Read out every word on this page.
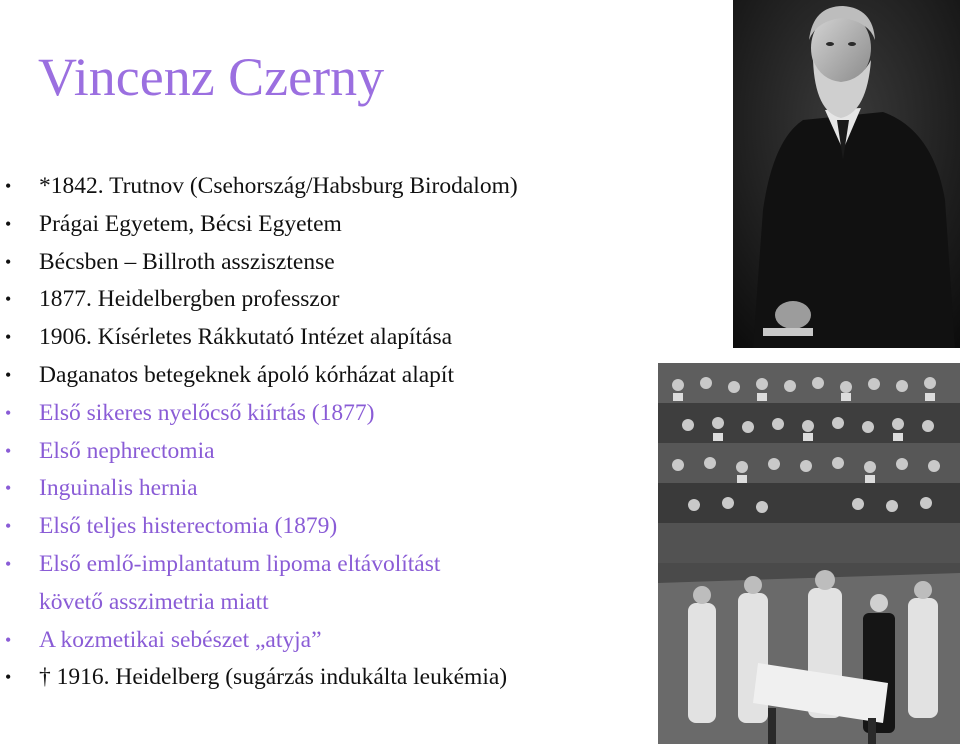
Vincenz Czerny
• *1842. Trutnov (Csehország/Habsburg Birodalom)
• Prágai Egyetem, Bécsi Egyetem
• Bécsben – Billroth asszisztense
• 1877. Heidelbergben professzor
• 1906. Kísérletes Rákkutató Intézet alapítása
• Daganatos betegeknek ápoló kórházat alapít
• Első sikeres nyelőcső kiírtás (1877)
• Első nephrectomia
• Inguinalis hernia
• Első teljes histerectomia (1879)
• Első emlő-implantatum lipoma eltávolítást
követő asszimetria miatt
• A kozmetikai sebészet „atyja”
• † 1916. Heidelberg (sugárzás indukálta leukémia)
